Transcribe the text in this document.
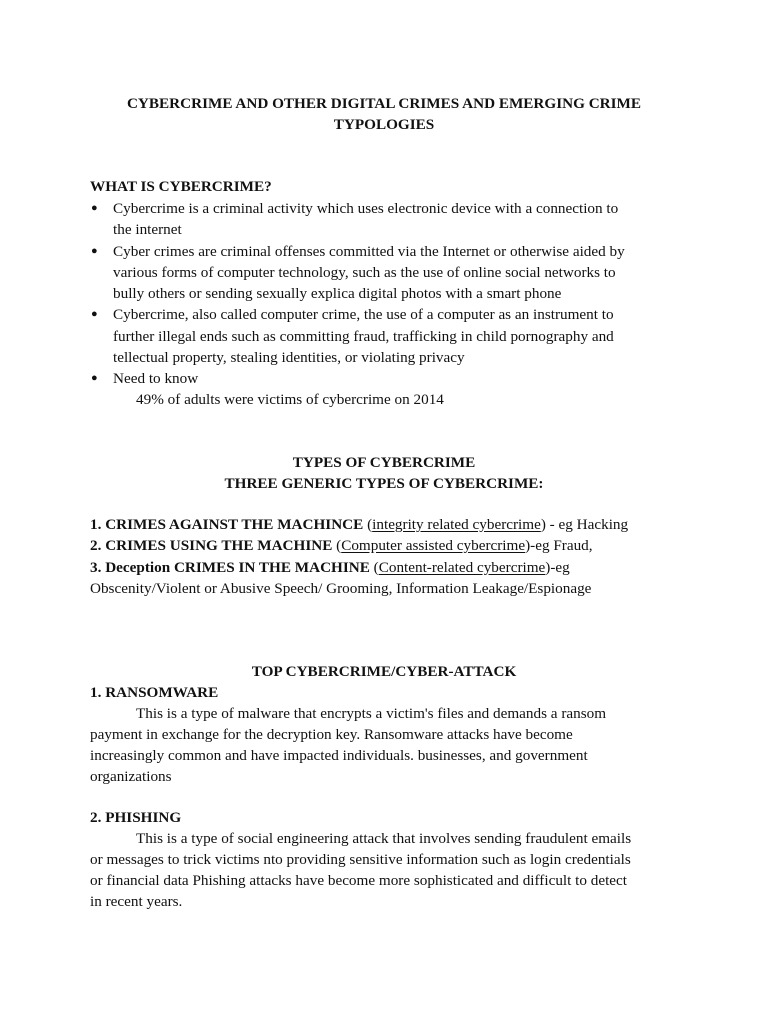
CYBERCRIME AND OTHER DIGITAL CRIMES AND EMERGING CRIME
TYPOLOGIES
WHAT IS CYBERCRIME?
● Cybercrime is a criminal activity which uses electronic device with a connection to
the internet
● Cyber crimes are criminal offenses committed via the Internet or otherwise aided by
various forms of computer technology, such as the use of online social networks to
bully others or sending sexually explica digital photos with a smart phone
● Cybercrime, also called computer crime, the use of a computer as an instrument to
further illegal ends such as committing fraud, trafficking in child pornography and
tellectual property, stealing identities, or violating privacy
● Need to know
49% of adults were victims of cybercrime on 2014
TYPES OF CYBERCRIME
THREE GENERIC TYPES OF CYBERCRIME:
1. CRIMES AGAINST THE MACHINCE (integrity related cybercrime) - eg Hacking
2. CRIMES USING THE MACHINE (Computer assisted cybercrime)-eg Fraud,
3. Deception CRIMES IN THE MACHINE (Content-related cybercrime)-eg
Obscenity/Violent or Abusive Speech/ Grooming, Information Leakage/Espionage
TOP CYBERCRIME/CYBER-ATTACK
1. RANSOMWARE
This is a type of malware that encrypts a victim's files and demands a ransom
payment in exchange for the decryption key. Ransomware attacks have become
increasingly common and have impacted individuals. businesses, and government
organizations
2. PHISHING
This is a type of social engineering attack that involves sending fraudulent emails
or messages to trick victims nto providing sensitive information such as login credentials
or financial data Phishing attacks have become more sophisticated and difficult to detect
in recent years.
